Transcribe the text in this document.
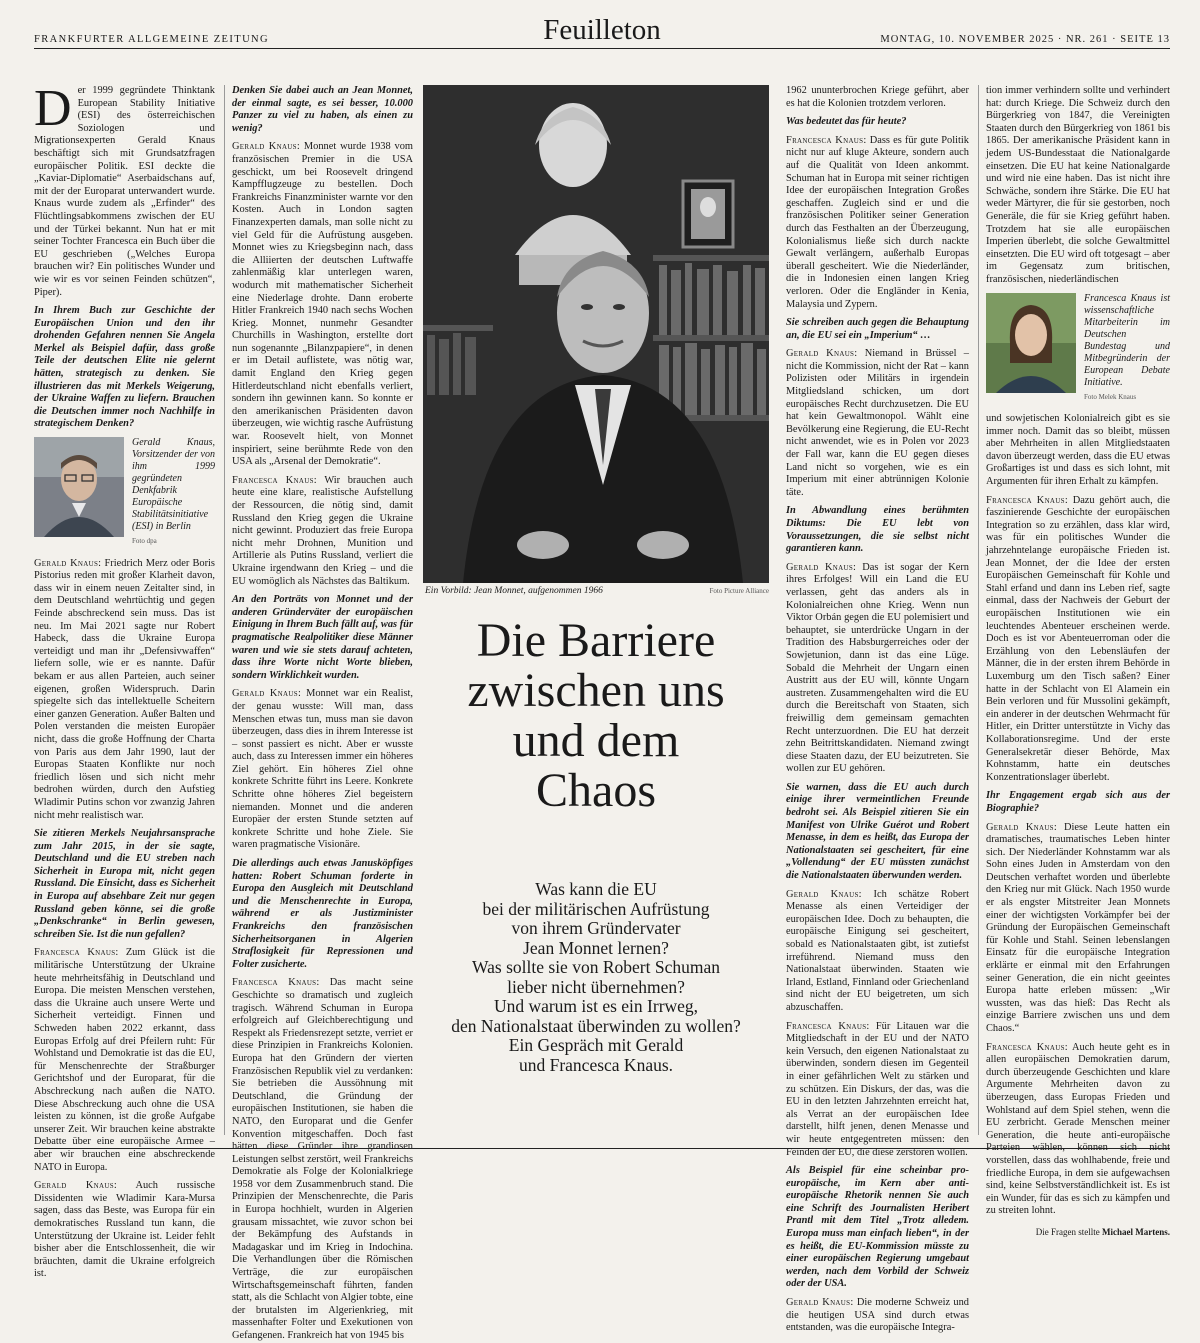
FRANKFURTER ALLGEMEINE ZEITUNG	Feuilleton	MONTAG, 10. NOVEMBER 2025 · NR. 261 · SEITE 13

Der 1999 gegründete Thinktank European Stability Initiative (ESI) des österreichischen Soziologen und Migrationsexperten Gerald Knaus beschäftigt sich mit Grundsatzfragen europäischer Politik. ESI deckte die „Kaviar-Diplomatie“ Aserbaidschans auf, mit der der Europarat unterwandert wurde. Knaus wurde zudem als „Erfinder“ des Flüchtlingsabkommens zwischen der EU und der Türkei bekannt. Nun hat er mit seiner Tochter Francesca ein Buch über die EU geschrieben („Welches Europa brauchen wir? Ein politisches Wunder und wie wir es vor seinen Feinden schützen“, Piper).

In Ihrem Buch zur Geschichte der Europäischen Union und den ihr drohenden Gefahren nennen Sie Angela Merkel als Beispiel dafür, dass große Teile der deutschen Elite nie gelernt hätten, strategisch zu denken. Sie illustrieren das mit Merkels Weigerung, der Ukraine Waffen zu liefern. Brauchen die Deutschen immer noch Nachhilfe in strategischem Denken?

Gerald Knaus, Vorsitzender der von ihm 1999 gegründeten Denkfabrik Europäische Stabilitätsinitiative (ESI) in Berlin
Foto dpa

Gerald Knaus: Friedrich Merz oder Boris Pistorius reden mit großer Klarheit davon, dass wir in einem neuen Zeitalter sind, in dem Deutschland wehrtüchtig und gegen Feinde abschreckend sein muss. Das ist neu. Im Mai 2021 sagte nur Robert Habeck, dass die Ukraine Europa verteidigt und man ihr „Defensivwaffen“ liefern solle, wie er es nannte. Dafür bekam er aus allen Parteien, auch seiner eigenen, großen Widerspruch. Darin spiegelte sich das intellektuelle Scheitern einer ganzen Generation. Außer Balten und Polen verstanden die meisten Europäer nicht, dass die große Hoffnung der Charta von Paris aus dem Jahr 1990, laut der Europas Staaten Konflikte nur noch friedlich lösen und sich nicht mehr bedrohen würden, durch den Aufstieg Wladimir Putins schon vor zwanzig Jahren nicht mehr realistisch war.

Sie zitieren Merkels Neujahrsansprache zum Jahr 2015, in der sie sagte, Deutschland und die EU streben nach Sicherheit in Europa mit, nicht gegen Russland. Die Einsicht, dass es Sicherheit in Europa auf absehbare Zeit nur gegen Russland geben könne, sei die große „Denkschranke“ in Berlin gewesen, schreiben Sie. Ist die nun gefallen?

Francesca Knaus: Zum Glück ist die militärische Unterstützung der Ukraine heute mehrheitsfähig in Deutschland und Europa. Die meisten Menschen verstehen, dass die Ukraine auch unsere Werte und Sicherheit verteidigt. Finnen und Schweden haben 2022 erkannt, dass Europas Erfolg auf drei Pfeilern ruht: Für Wohlstand und Demokratie ist das die EU, für Menschenrechte der Straßburger Gerichtshof und der Europarat, für die Abschreckung nach außen die NATO. Diese Abschreckung auch ohne die USA leisten zu können, ist die große Aufgabe unserer Zeit. Wir brauchen keine abstrakte Debatte über eine europäische Armee – aber wir brauchen eine abschreckende NATO in Europa.

Gerald Knaus: Auch russische Dissidenten wie Wladimir Kara-Mursa sagen, dass das Beste, was Europa für ein demokratisches Russland tun kann, die Unterstützung der Ukraine ist. Leider fehlt bisher aber die Entschlossenheit, die wir bräuchten, damit die Ukraine erfolgreich ist.

Denken Sie dabei auch an Jean Monnet, der einmal sagte, es sei besser, 10.000 Panzer zu viel zu haben, als einen zu wenig?

Gerald Knaus: Monnet wurde 1938 vom französischen Premier in die USA geschickt, um bei Roosevelt dringend Kampfflugzeuge zu bestellen. Doch Frankreichs Finanzminister warnte vor den Kosten. Auch in London sagten Finanzexperten damals, man solle nicht zu viel Geld für die Aufrüstung ausgeben. Monnet wies zu Kriegsbeginn nach, dass die Alliierten der deutschen Luftwaffe zahlenmäßig klar unterlegen waren, wodurch mit mathematischer Sicherheit eine Niederlage drohte. Dann eroberte Hitler Frankreich 1940 nach sechs Wochen Krieg. Monnet, nunmehr Gesandter Churchills in Washington, erstellte dort nun sogenannte „Bilanzpapiere“, in denen er im Detail auflistete, was nötig war, damit England den Krieg gegen Hitlerdeutschland nicht ebenfalls verliert, sondern ihn gewinnen kann. So konnte er den amerikanischen Präsidenten davon überzeugen, wie wichtig rasche Aufrüstung war. Roosevelt hielt, von Monnet inspiriert, seine berühmte Rede von den USA als „Arsenal der Demokratie“.

Francesca Knaus: Wir brauchen auch heute eine klare, realistische Aufstellung der Ressourcen, die nötig sind, damit Russland den Krieg gegen die Ukraine nicht gewinnt. Produziert das freie Europa nicht mehr Drohnen, Munition und Artillerie als Putins Russland, verliert die Ukraine irgendwann den Krieg – und die EU womöglich als Nächstes das Baltikum.

An den Porträts von Monnet und der anderen Gründerväter der europäischen Einigung in Ihrem Buch fällt auf, was für pragmatische Realpolitiker diese Männer waren und wie sie stets darauf achteten, dass ihre Worte nicht Worte blieben, sondern Wirklichkeit wurden.

Gerald Knaus: Monnet war ein Realist, der genau wusste: Will man, dass Menschen etwas tun, muss man sie davon überzeugen, dass dies in ihrem Interesse ist – sonst passiert es nicht. Aber er wusste auch, dass zu Interessen immer ein höheres Ziel gehört. Ein höheres Ziel ohne konkrete Schritte führt ins Leere. Konkrete Schritte ohne höheres Ziel begeistern niemanden. Monnet und die anderen Europäer der ersten Stunde setzten auf konkrete Schritte und hohe Ziele. Sie waren pragmatische Visionäre.

Die allerdings auch etwas Janusköpfiges hatten: Robert Schuman forderte in Europa den Ausgleich mit Deutschland und die Menschenrechte in Europa, während er als Justizminister Frankreichs den französischen Sicherheitsorganen in Algerien Straflosigkeit für Repressionen und Folter zusicherte.

Francesca Knaus: Das macht seine Geschichte so dramatisch und zugleich tragisch. Während Schuman in Europa erfolgreich auf Gleichberechtigung und Respekt als Friedensrezept setzte, verriet er diese Prinzipien in Frankreichs Kolonien. Europa hat den Gründern der vierten Französischen Republik viel zu verdanken: Sie betrieben die Aussöhnung mit Deutschland, die Gründung der europäischen Institutionen, sie haben die NATO, den Europarat und die Genfer Konvention mitgeschaffen. Doch fast hätten diese Gründer ihre grandiosen Leistungen selbst zerstört, weil Frankreichs Demokratie als Folge der Kolonialkriege 1958 vor dem Zusammenbruch stand. Die Prinzipien der Menschenrechte, die Paris in Europa hochhielt, wurden in Algerien grausam missachtet, wie zuvor schon bei der Bekämpfung des Aufstands in Madagaskar und im Krieg in Indochina. Die Verhandlungen über die Römischen Verträge, die zur europäischen Wirtschaftsgemeinschaft führten, fanden statt, als die Schlacht von Algier tobte, eine der brutalsten im Algerienkrieg, mit massenhafter Folter und Exekutionen von Gefangenen. Frankreich hat von 1945 bis

Ein Vorbild: Jean Monnet, aufgenommen 1966	Foto Picture Alliance
Die Barriere
zwischen uns
und dem
Chaos
Was kann die EU
bei der militärischen Aufrüstung
von ihrem Gründervater
Jean Monnet lernen?
Was sollte sie von Robert Schuman
lieber nicht übernehmen?
Und warum ist es ein Irrweg,
den Nationalstaat überwinden zu wollen?
Ein Gespräch mit Gerald
und Francesca Knaus.

1962 ununterbrochen Kriege geführt, aber es hat die Kolonien trotzdem verloren.

Was bedeutet das für heute?

Francesca Knaus: Dass es für gute Politik nicht nur auf kluge Akteure, sondern auch auf die Qualität von Ideen ankommt. Schuman hat in Europa mit seiner richtigen Idee der europäischen Integration Großes geschaffen. Zugleich sind er und die französischen Politiker seiner Generation durch das Festhalten an der Überzeugung, Kolonialismus ließe sich durch nackte Gewalt verlängern, außerhalb Europas überall gescheitert. Wie die Niederländer, die in Indonesien einen langen Krieg verloren. Oder die Engländer in Kenia, Malaysia und Zypern.

Sie schreiben auch gegen die Behauptung an, die EU sei ein „Imperium“ …

Gerald Knaus: Niemand in Brüssel – nicht die Kommission, nicht der Rat – kann Polizisten oder Militärs in irgendein Mitgliedsland schicken, um dort europäisches Recht durchzusetzen. Die EU hat kein Gewaltmonopol. Wählt eine Bevölkerung eine Regierung, die EU-Recht nicht anwendet, wie es in Polen vor 2023 der Fall war, kann die EU gegen dieses Land nicht so vorgehen, wie es ein Imperium mit einer abtrünnigen Kolonie täte.

In Abwandlung eines berühmten Diktums: Die EU lebt von Voraussetzungen, die sie selbst nicht garantieren kann.

Gerald Knaus: Das ist sogar der Kern ihres Erfolges! Will ein Land die EU verlassen, geht das anders als in Kolonialreichen ohne Krieg. Wenn nun Viktor Orbán gegen die EU polemisiert und behauptet, sie unterdrücke Ungarn in der Tradition des Habsburgerreiches oder der Sowjetunion, dann ist das eine Lüge. Sobald die Mehrheit der Ungarn einen Austritt aus der EU will, könnte Ungarn austreten. Zusammengehalten wird die EU durch die Bereitschaft von Staaten, sich freiwillig dem gemeinsam gemachten Recht unterzuordnen. Die EU hat derzeit zehn Beitrittskandidaten. Niemand zwingt diese Staaten dazu, der EU beizutreten. Sie wollen zur EU gehören.

Sie warnen, dass die EU auch durch einige ihrer vermeintlichen Freunde bedroht sei. Als Beispiel zitieren Sie ein Manifest von Ulrike Guérot und Robert Menasse, in dem es heißt, das Europa der Nationalstaaten sei gescheitert, für eine „Vollendung“ der EU müssten zunächst die Nationalstaaten überwunden werden.

Gerald Knaus: Ich schätze Robert Menasse als einen Verteidiger der europäischen Idee. Doch zu behaupten, die europäische Einigung sei gescheitert, sobald es Nationalstaaten gibt, ist zutiefst irreführend. Niemand muss den Nationalstaat überwinden. Staaten wie Irland, Estland, Finnland oder Griechenland sind nicht der EU beigetreten, um sich abzuschaffen.

Francesca Knaus: Für Litauen war die Mitgliedschaft in der EU und der NATO kein Versuch, den eigenen Nationalstaat zu überwinden, sondern diesen im Gegenteil in einer gefährlichen Welt zu stärken und zu schützen. Ein Diskurs, der das, was die EU in den letzten Jahrzehnten erreicht hat, als Verrat an der europäischen Idee darstellt, hilft jenen, denen Menasse und wir heute entgegentreten müssen: den Feinden der EU, die diese zerstören wollen.

Als Beispiel für eine scheinbar pro-europäische, im Kern aber anti-europäische Rhetorik nennen Sie auch eine Schrift des Journalisten Heribert Prantl mit dem Titel „Trotz alledem. Europa muss man einfach lieben“, in der es heißt, die EU-Kommission müsste zu einer europäischen Regierung umgebaut werden, nach dem Vorbild der Schweiz oder der USA.

Gerald Knaus: Die moderne Schweiz und die heutigen USA sind durch etwas entstanden, was die europäische Integra-

tion immer verhindern sollte und verhindert hat: durch Kriege. Die Schweiz durch den Bürgerkrieg von 1847, die Vereinigten Staaten durch den Bürgerkrieg von 1861 bis 1865. Der amerikanische Präsident kann in jedem US-Bundesstaat die Nationalgarde einsetzen. Die EU hat keine Nationalgarde und wird nie eine haben. Das ist nicht ihre Schwäche, sondern ihre Stärke. Die EU hat weder Märtyrer, die für sie gestorben, noch Generäle, die für sie Krieg geführt haben. Trotzdem hat sie alle europäischen Imperien überlebt, die solche Gewaltmittel einsetzten. Die EU wird oft totgesagt – aber im Gegensatz zum britischen, französischen, niederländischen

Francesca Knaus ist wissenschaftliche Mitarbeiterin im Deutschen Bundestag und Mitbegründerin der European Debate Initiative.
Foto Melek Knaus

und sowjetischen Kolonialreich gibt es sie immer noch. Damit das so bleibt, müssen aber Mehrheiten in allen Mitgliedstaaten davon überzeugt werden, dass die EU etwas Großartiges ist und dass es sich lohnt, mit Argumenten für ihren Erhalt zu kämpfen.

Francesca Knaus: Dazu gehört auch, die faszinierende Geschichte der europäischen Integration so zu erzählen, dass klar wird, was für ein politisches Wunder die jahrzehntelange europäische Frieden ist. Jean Monnet, der die Idee der ersten Europäischen Gemeinschaft für Kohle und Stahl erfand und dann ins Leben rief, sagte einmal, dass der Nachweis der Geburt der europäischen Institutionen wie ein leuchtendes Abenteuer erscheinen werde. Doch es ist vor Abenteuerroman oder die Erzählung von den Lebensläufen der Männer, die in der ersten ihrem Behörde in Luxemburg um den Tisch saßen? Einer hatte in der Schlacht von El Alamein ein Bein verloren und für Mussolini gekämpft, ein anderer in der deutschen Wehrmacht für Hitler, ein Dritter unterstützte in Vichy das Kollaborationsregime. Und der erste Generalsekretär dieser Behörde, Max Kohnstamm, hatte ein deutsches Konzentrationslager überlebt.

Ihr Engagement ergab sich aus der Biographie?

Gerald Knaus: Diese Leute hatten ein dramatisches, traumatisches Leben hinter sich. Der Niederländer Kohnstamm war als Sohn eines Juden in Amsterdam von den Deutschen verhaftet worden und überlebte den Krieg nur mit Glück. Nach 1950 wurde er als engster Mitstreiter Jean Monnets einer der wichtigsten Vorkämpfer bei der Gründung der Europäischen Gemeinschaft für Kohle und Stahl. Seinen lebenslangen Einsatz für die europäische Integration erklärte er einmal mit den Erfahrungen seiner Generation, die ein nicht geeintes Europa hatte erleben müssen: „Wir wussten, was das hieß: Das Recht als einzige Barriere zwischen uns und dem Chaos.“

Francesca Knaus: Auch heute geht es in allen europäischen Demokratien darum, durch überzeugende Geschichten und klare Argumente Mehrheiten davon zu überzeugen, dass Europas Frieden und Wohlstand auf dem Spiel stehen, wenn die EU zerbricht. Gerade Menschen meiner Generation, die heute anti-europäische Parteien wählen, können sich nicht vorstellen, dass das wohlhabende, freie und friedliche Europa, in dem sie aufgewachsen sind, keine Selbstverständlichkeit ist. Es ist ein Wunder, für das es sich zu kämpfen und zu streiten lohnt.

Die Fragen stellte Michael Martens.
